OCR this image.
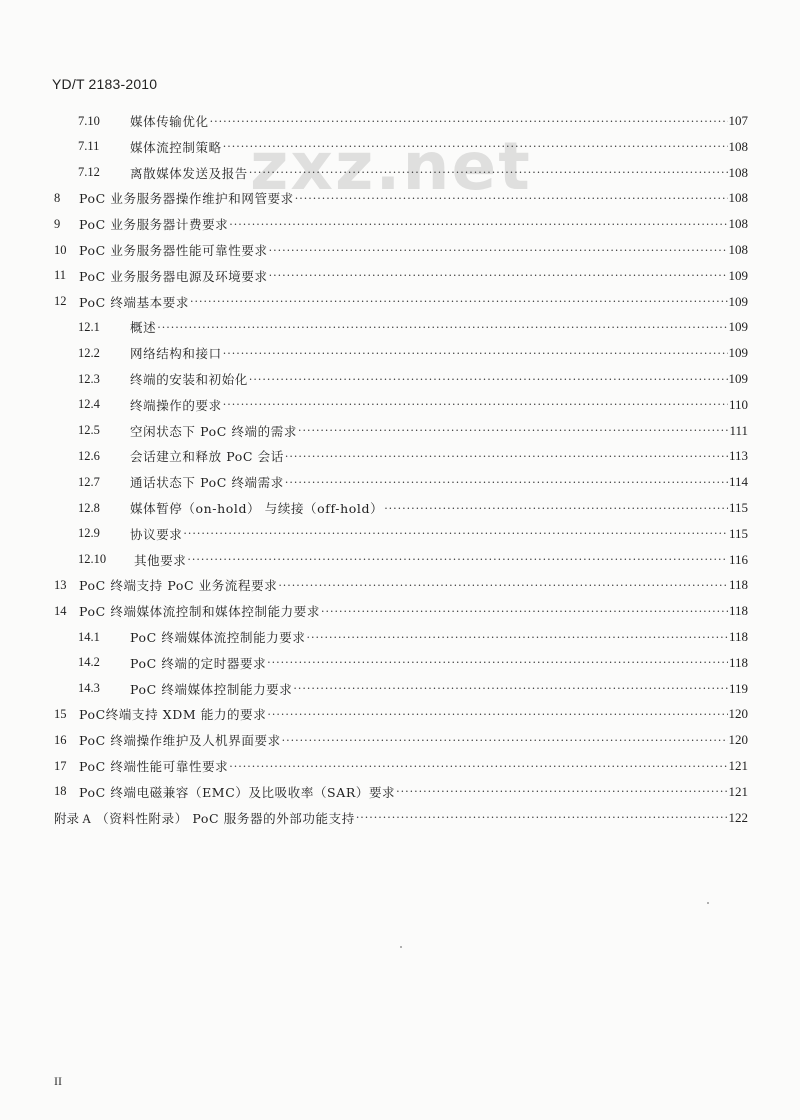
YD/T 2183-2010
zxz.net
7.10	媒体传输优化 ·····	107
7.11	媒体流控制策略 ·····	108
7.12	离散媒体发送及报告 ·····	108
8	PoC 业务服务器操作维护和网管要求 ·····	108
9	PoC 业务服务器计费要求 ·····	108
10	PoC 业务服务器性能可靠性要求 ·····	108
11	PoC 业务服务器电源及环境要求 ·····	109
12	PoC 终端基本要求 ·····	109
12.1	概述 ·····	109
12.2	网络结构和接口 ·····	109
12.3	终端的安装和初始化 ·····	109
12.4	终端操作的要求 ·····	110
12.5	空闲状态下 PoC 终端的需求 ·····	111
12.6	会话建立和释放 PoC 会话 ·····	113
12.7	通话状态下 PoC 终端需求 ·····	114
12.8	媒体暂停（on-hold） 与续接（off-hold） ·····	115
12.9	协议要求 ·····	115
12.10	其他要求 ·····	116
13	PoC 终端支持 PoC 业务流程要求 ·····	118
14	PoC 终端媒体流控制和媒体控制能力要求 ·····	118
14.1	PoC 终端媒体流控制能力要求 ·····	118
14.2	PoC 终端的定时器要求 ·····	118
14.3	PoC 终端媒体控制能力要求 ·····	119
15	PoC终端支持 XDM 能力的要求 ·····	120
16	PoC 终端操作维护及人机界面要求 ·····	120
17	PoC 终端性能可靠性要求 ·····	121
18	PoC 终端电磁兼容（EMC）及比吸收率（SAR）要求 ·····	121
附录 A （资料性附录） PoC 服务器的外部功能支持 ·····	122
II
